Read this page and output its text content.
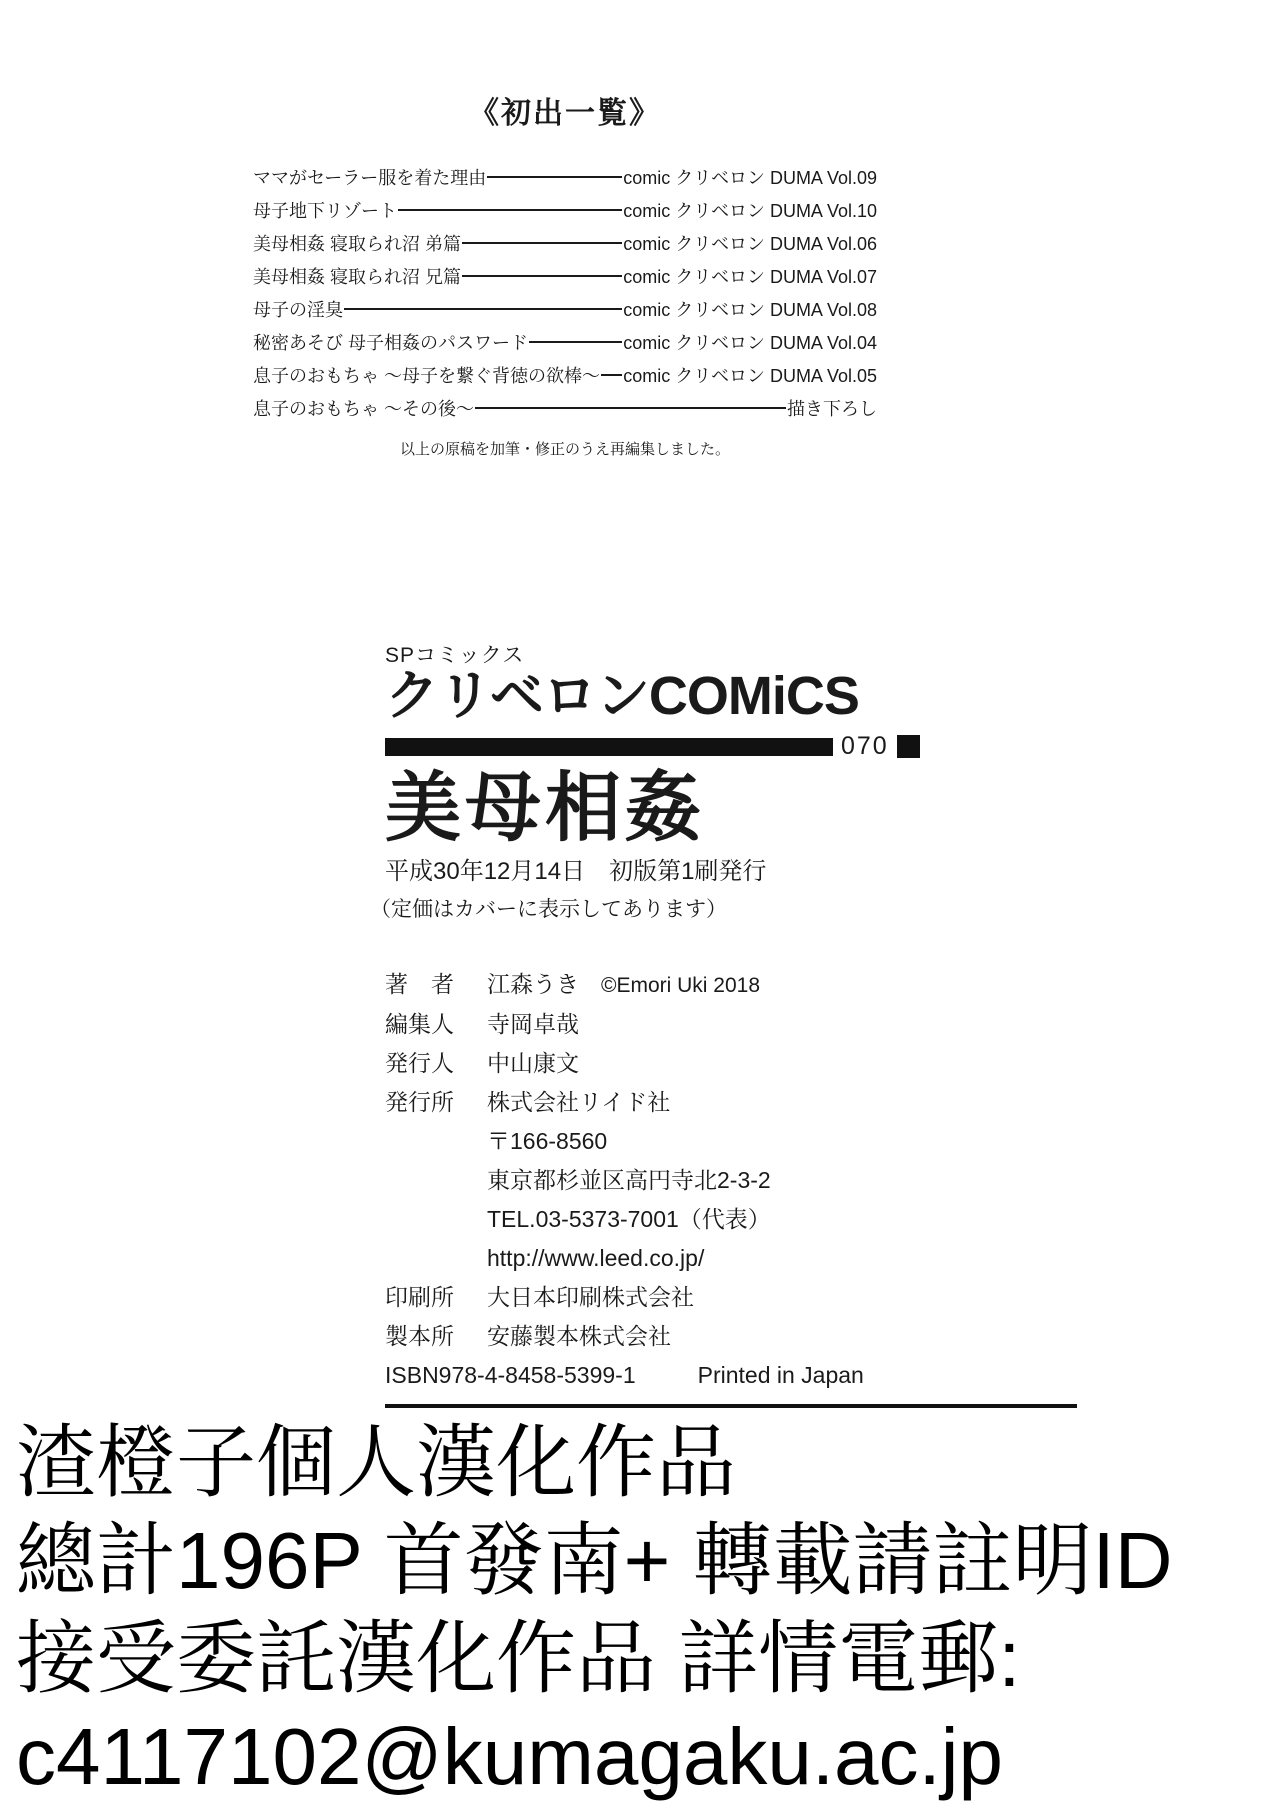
《初出一覧》
ママがセーラー服を着た理由	comic クリベロン DUMA Vol.09
母子地下リゾート	comic クリベロン DUMA Vol.10
美母相姦 寝取られ沼 弟篇	comic クリベロン DUMA Vol.06
美母相姦 寝取られ沼 兄篇	comic クリベロン DUMA Vol.07
母子の淫臭	comic クリベロン DUMA Vol.08
秘密あそび 母子相姦のパスワード	comic クリベロン DUMA Vol.04
息子のおもちゃ ～母子を繋ぐ背徳の欲棒～ comic クリベロン DUMA Vol.05
息子のおもちゃ ～その後～	描き下ろし
以上の原稿を加筆・修正のうえ再編集しました。
SPコミックス
クリベロンCOMiCS
070
美母相姦
平成30年12月14日　初版第1刷発行
（定価はカバーに表示してあります）
著　者	江森うき ©Emori Uki 2018
編集人	寺岡卓哉
発行人	中山康文
発行所	株式会社リイド社
〒166-8560
東京都杉並区高円寺北2-3-2
TEL.03-5373-7001（代表）
http://www.leed.co.jp/
印刷所	大日本印刷株式会社
製本所	安藤製本株式会社
ISBN978-4-8458-5399-1	Printed in Japan
渣橙子個人漢化作品
總計196P 首發南+ 轉載請註明ID
接受委託漢化作品 詳情電郵:
c4117102@kumagaku.ac.jp
